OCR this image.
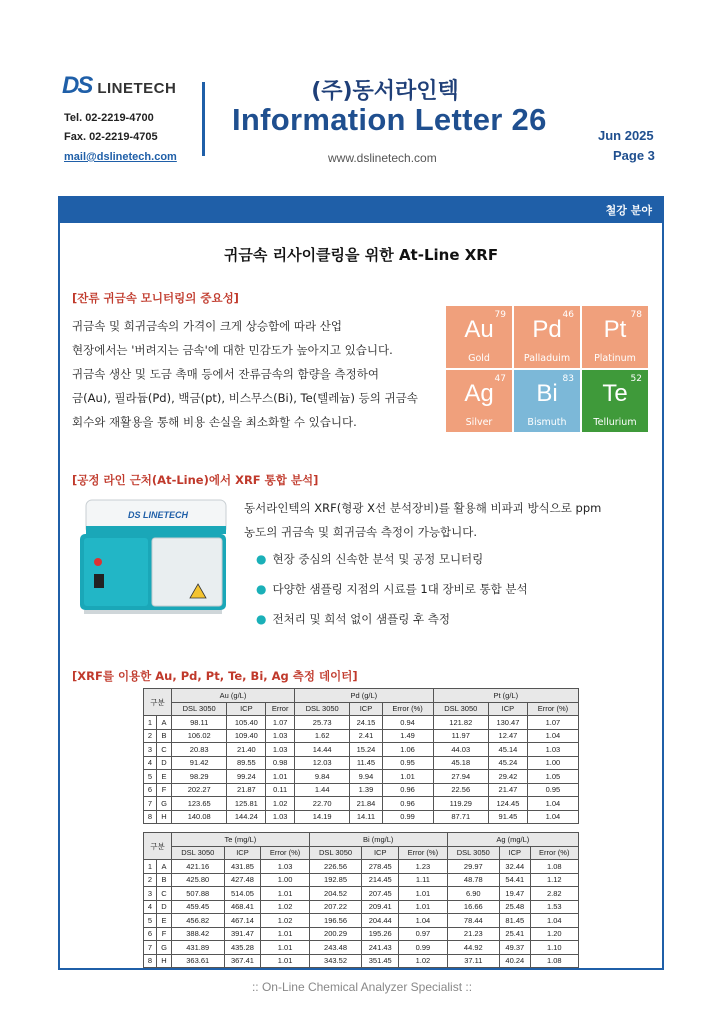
DS LINETECH
Tel. 02-2219-4700
Fax. 02-2219-4705
mail@dslinetech.com
(주)동서라인텍
Information Letter 26
www.dslinetech.com
Jun 2025
Page 3
철강 분야
귀금속 리사이클링을 위한 At-Line XRF
[잔류 귀금속 모니터링의 중요성]

귀금속 및 희귀금속의 가격이 크게 상승함에 따라 산업

현장에서는 '버려지는 금속'에 대한 민감도가 높아지고 있습니다.

귀금속 생산 및 도금 촉매 등에서 잔류금속의 함량을 측정하여

금(Au), 필라듐(Pd), 백금(pt), 비스무스(Bi), Te(텔레늄) 등의 귀금속

회수와 재활용을 통해 비용 손실을 최소화할 수 있습니다.

79
Au
Gold
46
Pd
Palladuim
47
Ag
Silver
83
Bi
Bismuth
78
Pt
Platinum
52
Te
Tellurium
[공정 라인 근처(At-Line)에서 XRF 통합 분석]
DS LINETECH	동서라인텍의 XRF(형광 X선 분석장비)를 활용해 비파괴 방식으로 ppm
농도의 귀금속 및 희귀금속 측정이 가능합니다.
● 현장 중심의 신속한 분석 및 공정 모니터링
● 다양한 샘플링 지점의 시료를 1대 장비로 통합 분석
● 전처리 및 희석 없이 샘플링 후 측정
[XRF를 이용한 Au, Pd, Pt, Te, Bi, Ag 측정 데이터]
구분		Au (g/L)			Pd (g/L)			Pt (g/L)		
		DSL 3050	ICP	Error	DSL 3050	ICP	Error (%)	DSL 3050	ICP	Error (%)
1	A	98.11	105.40	1.07	25.73	24.15	0.94	121.82	130.47	1.07
2	B	106.02	109.40	1.03	1.62	2.41	1.49	11.97	12.47	1.04
3	C	20.83	21.40	1.03	14.44	15.24	1.06	44.03	45.14	1.03
4	D	91.42	89.55	0.98	12.03	11.45	0.95	45.18	45.24	1.00
5	E	98.29	99.24	1.01	9.84	9.94	1.01	27.94	29.42	1.05
6	F	202.27	21.87	0.11	1.44	1.39	0.96	22.56	21.47	0.95
7	G	123.65	125.81	1.02	22.70	21.84	0.96	119.29	124.45	1.04
8	H	140.08	144.24	1.03	14.19	14.11	0.99	87.71	91.45	1.04
구분		Te (mg/L)			Bi (mg/L)			Ag (mg/L)		
		DSL 3050	ICP	Error (%)	DSL 3050	ICP	Error (%)	DSL 3050	ICP	Error (%)
1	A	421.16	431.85	1.03	226.56	278.45	1.23	29.97	32.44	1.08
2	B	425.80	427.48	1.00	192.85	214.45	1.11	48.78	54.41	1.12
3	C	507.88	514.05	1.01	204.52	207.45	1.01	6.90	19.47	2.82
4	D	459.45	468.41	1.02	207.22	209.41	1.01	16.66	25.48	1.53
5	E	456.82	467.14	1.02	196.56	204.44	1.04	78.44	81.45	1.04
6	F	388.42	391.47	1.01	200.29	195.26	0.97	21.23	25.41	1.20
7	G	431.89	435.28	1.01	243.48	241.43	0.99	44.92	49.37	1.10
8	H	363.61	367.41	1.01	343.52	351.45	1.02	37.11	40.24	1.08
:: On-Line Chemical Analyzer Specialist ::
